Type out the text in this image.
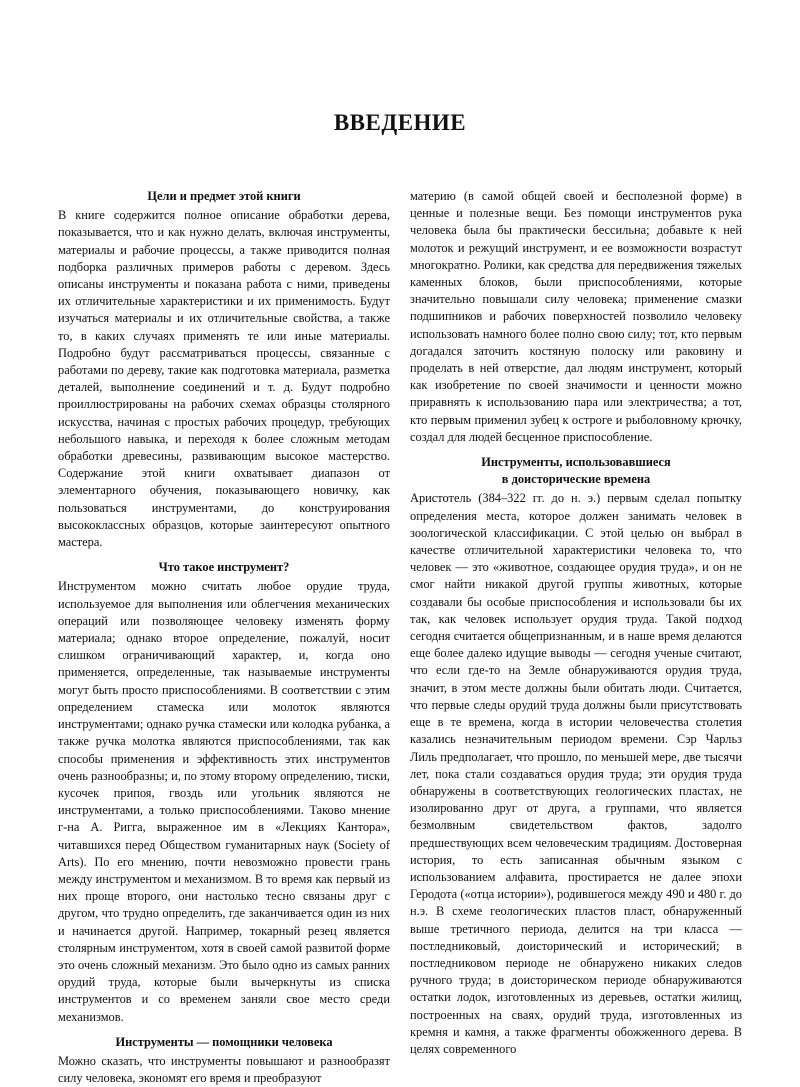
ВВЕДЕНИЕ
Цели и предмет этой книги

В книге содержится полное описание обработки дерева, показывается, что и как нужно делать, включая инструменты, материалы и рабочие процессы, а также приводится полная подборка различных примеров работы с деревом. Здесь описаны инструменты и показана работа с ними, приведены их отличительные характеристики и их применимость. Будут изучаться материалы и их отличительные свойства, а также то, в каких случаях применять те или иные материалы. Подробно будут рассматриваться процессы, связанные с работами по дереву, такие как подготовка материала, разметка деталей, выполнение соединений и т. д. Будут подробно проиллюстрированы на рабочих схемах образцы столярного искусства, начиная с простых рабочих процедур, требующих небольшого навыка, и переходя к более сложным методам обработки древесины, развивающим высокое мастерство. Содержание этой книги охватывает диапазон от элементарного обучения, показывающего новичку, как пользоваться инструментами, до конструирования высококлассных образцов, которые заинтересуют опытного мастера.

Что такое инструмент?

Инструментом можно считать любое орудие труда, используемое для выполнения или облегчения механических операций или позволяющее человеку изменять форму материала; однако второе определение, пожалуй, носит слишком ограничивающий характер, и, когда оно применяется, определенные, так называемые инструменты могут быть просто приспособлениями. В соответствии с этим определением стамеска или молоток являются инструментами; однако ручка стамески или колодка рубанка, а также ручка молотка являются приспособлениями, так как способы применения и эффективность этих инструментов очень разнообразны; и, по этому второму определению, тиски, кусочек припоя, гвоздь или угольник являются не инструментами, а только приспособлениями. Таково мнение г-на А. Ригга, выраженное им в «Лекциях Кантора», читавшихся перед Обществом гуманитарных наук (Society of Arts). По его мнению, почти невозможно провести грань между инструментом и механизмом. В то время как первый из них проще второго, они настолько тесно связаны друг с другом, что трудно определить, где заканчивается один из них и начинается другой. Например, токарный резец является столярным инструментом, хотя в своей самой развитой форме это очень сложный механизм. Это было одно из самых ранних орудий труда, которые были вычеркнуты из списка инструментов и со временем заняли свое место среди механизмов.

Инструменты — помощники человека

Можно сказать, что инструменты повышают и разнообразят силу человека, экономят его время и преобразуют

материю (в самой общей своей и бесполезной форме) в ценные и полезные вещи. Без помощи инструментов рука человека была бы практически бессильна; добавьте к ней молоток и режущий инструмент, и ее возможности возрастут многократно. Ролики, как средства для передвижения тяжелых каменных блоков, были приспособлениями, которые значительно повышали силу человека; применение смазки подшипников и рабочих поверхностей позволило человеку использовать намного более полно свою силу; тот, кто первым догадался заточить костяную полоску или раковину и проделать в ней отверстие, дал людям инструмент, который как изобретение по своей значимости и ценности можно приравнять к использованию пара или электричества; а тот, кто первым применил зубец к остроге и рыболовному крючку, создал для людей бесценное приспособление.

Инструменты, использовавшиеся
в доисторические времена

Аристотель (384–322 гг. до н. э.) первым сделал попытку определения места, которое должен занимать человек в зоологической классификации. С этой целью он выбрал в качестве отличительной характеристики человека то, что человек — это «животное, создающее орудия труда», и он не смог найти никакой другой группы животных, которые создавали бы особые приспособления и использовали бы их так, как человек использует орудия труда. Такой подход сегодня считается общепризнанным, и в наше время делаются еще более далеко идущие выводы — сегодня ученые считают, что если где-то на Земле обнаруживаются орудия труда, значит, в этом месте должны были обитать люди. Считается, что первые следы орудий труда должны были присутствовать еще в те времена, когда в истории человечества столетия казались незначительным периодом времени. Сэр Чарльз Лиль предполагает, что прошло, по меньшей мере, две тысячи лет, пока стали создаваться орудия труда; эти орудия труда обнаружены в соответствующих геологических пластах, не изолированно друг от друга, а группами, что является безмолвным свидетельством фактов, задолго предшествующих всем человеческим традициям. Достоверная история, то есть записанная обычным языком с использованием алфавита, простирается не далее эпохи Геродота («отца истории»), родившегося между 490 и 480 г. до н.э. В схеме геологических пластов пласт, обнаруженный выше третичного периода, делится на три класса — постледниковый, доисторический и исторический; в постледниковом периоде не обнаружено никаких следов ручного труда; в доисторическом периоде обнаруживаются остатки лодок, изготовленных из деревьев, остатки жилищ, построенных на сваях, орудий труда, изготовленных из кремня и камня, а также фрагменты обожженного дерева. В целях современного
